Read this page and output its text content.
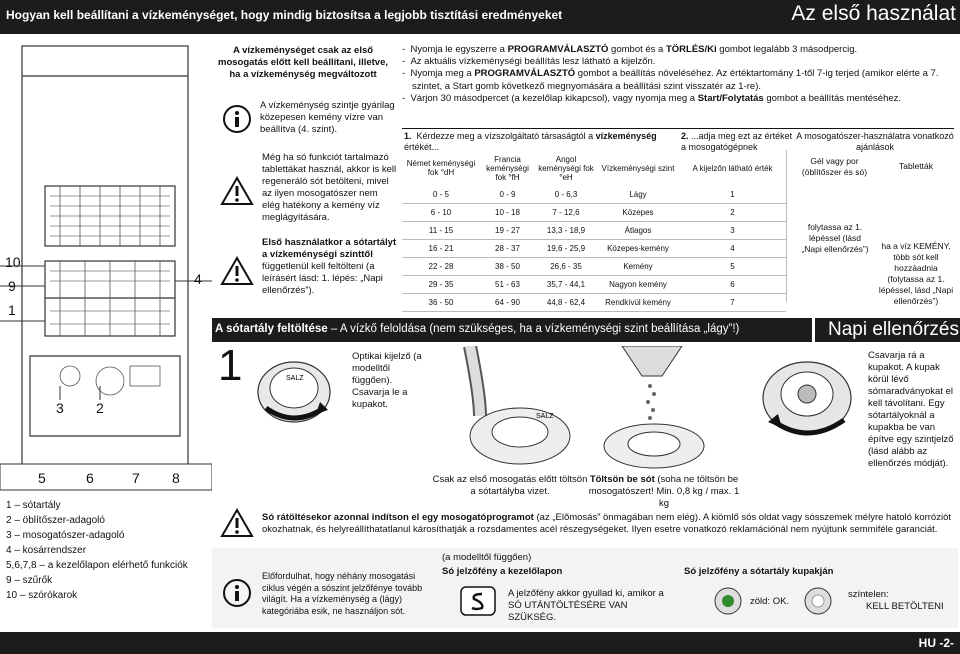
Hogyan kell beállítani a vízkeménységet, hogy mindig biztosítsa a legjobb tisztítási eredményeket	Az első használat
10
9
1
4
3 2
5	6	7 8
1 – sótartály
2 – öblítőszer-adagoló
3 – mosogatószer-adagoló
4 – kosárrendszer
5,6,7,8 – a kezelőlapon elérhető funkciók
9 – szűrők
10 – szórókarok
A vízkeménységet csak az első mosogatás előtt kell beállítani, illetve, ha a vízkeménység megváltozott
A vízkeménység szintje gyárilag közepesen kemény vízre van beállítva (4. szint).
Még ha só funkciót tartalmazó tablettákat használ, akkor is kell regeneráló sót betölteni, mivel az ilyen mosogatószer nem elég hatékony a kemény víz meglágyítására.
Első használatkor a sótartályt a vízkeménységi szinttől függetlenül kell feltölteni (a leírásért lásd: 1. lépés: „Napi ellenőrzés”).
-  Nyomja le egyszerre a PROGRAMVÁLASZTÓ gombot és a TÖRLÉS/Ki gombot legalább 3 másodpercig.
-  Az aktuális vízkeménységi beállítás lesz látható a kijelzőn.
-  Nyomja meg a PROGRAMVÁLASZTÓ gombot a beállítás növeléséhez. Az értéktartomány 1-től 7-ig terjed (amikor elérte a 7. szintet, a Start gomb következő megnyomására a beállítási szint visszatér az 1-re).
-  Várjon 30 másodpercet (a kezelőlap kikapcsol), vagy nyomja meg a Start/Folytatás gombot a beállítás mentéséhez.
1. Kérdezze meg a vízszolgáltató társaságtól a vízkeménység értékét...
2. ...adja meg ezt az értéket a mosogatógépnek
A mosogatószer-használatra vonatkozó ajánlások
Német keménységi fok °dH	Francia keménységi fok °fH	Angol keménységi fok °eH	Vízkeménységi szint	A kijelzőn látható érték
0 - 5	0 - 9	0 - 6,3	Lágy	1
6 - 10	10 - 18	7 - 12,6	Közepes	2
11 - 15	19 - 27	13,3 - 18,9	Átlagos	3
16 - 21	28 - 37	19,6 - 25,9	Közepes-kemény	4
22 - 28	38 - 50	26,6 - 35	Kemény	5
29 - 35	51 - 63	35,7 - 44,1	Nagyon kemény	6
36 - 50	64 - 90	44,8 - 62,4	Rendkívül kemény	7
Gél vagy por (öblítőszer és só)
Tabletták
folytassa az 1. lépéssel (lásd „Napi ellenőrzés”)	ha a víz KEMÉNY, több sót kell hozzáadnia (folytassa az 1. lépéssel, lásd „Napi ellenőrzés”)
A sótartály feltöltése – A vízkő feloldása (nem szükséges, ha a vízkeménységi szint beállítása „lágy”!)	Napi ellenőrzés
1	SALZ
Optikai kijelző (a modelltől függően). Csavarja le a kupakot.
SALZ
Csak az első mosogatás előtt töltsön a sótartályba vizet.
Töltsön be sót (soha ne töltsön be mosogatószert! Min. 0,8 kg / max. 1 kg
Csavarja rá a kupakot. A kupak körül lévő sómaradványokat el kell távolítani. Egy sótartályoknál a kupakba be van építve egy szintjelző (lásd alább az ellenőrzés módját).
Só rátöltésekor azonnal indítson el egy mosogatóprogramot (az „Előmosás” önmagában nem elég). A kiömlő sós oldat vagy sósszemek mélyre hatoló korróziót okozhatnak, és helyreállíthatatlanul károsíthatják a rozsdamentes acél részegységeket. Ilyen esetre vonatkozó reklamációnál nem nyújtunk semmiféle garanciát.
Előfordulhat, hogy néhány mosogatási ciklus végén a sószint jelzőfénye tovább világít. Ha a vízkeménység a (lágy) kategóriába esik, ne használjon sót.
(a modelltől függően)
Só jelzőfény a kezelőlapon
A jelzőfény akkor gyullad ki, amikor a SÓ UTÁNTÖLTÉSÉRE VAN SZÜKSÉG.
Só jelzőfény a sótartály kupakján
zöld: OK.
színtelen:
KELL BETÖLTENI
HU -2-
